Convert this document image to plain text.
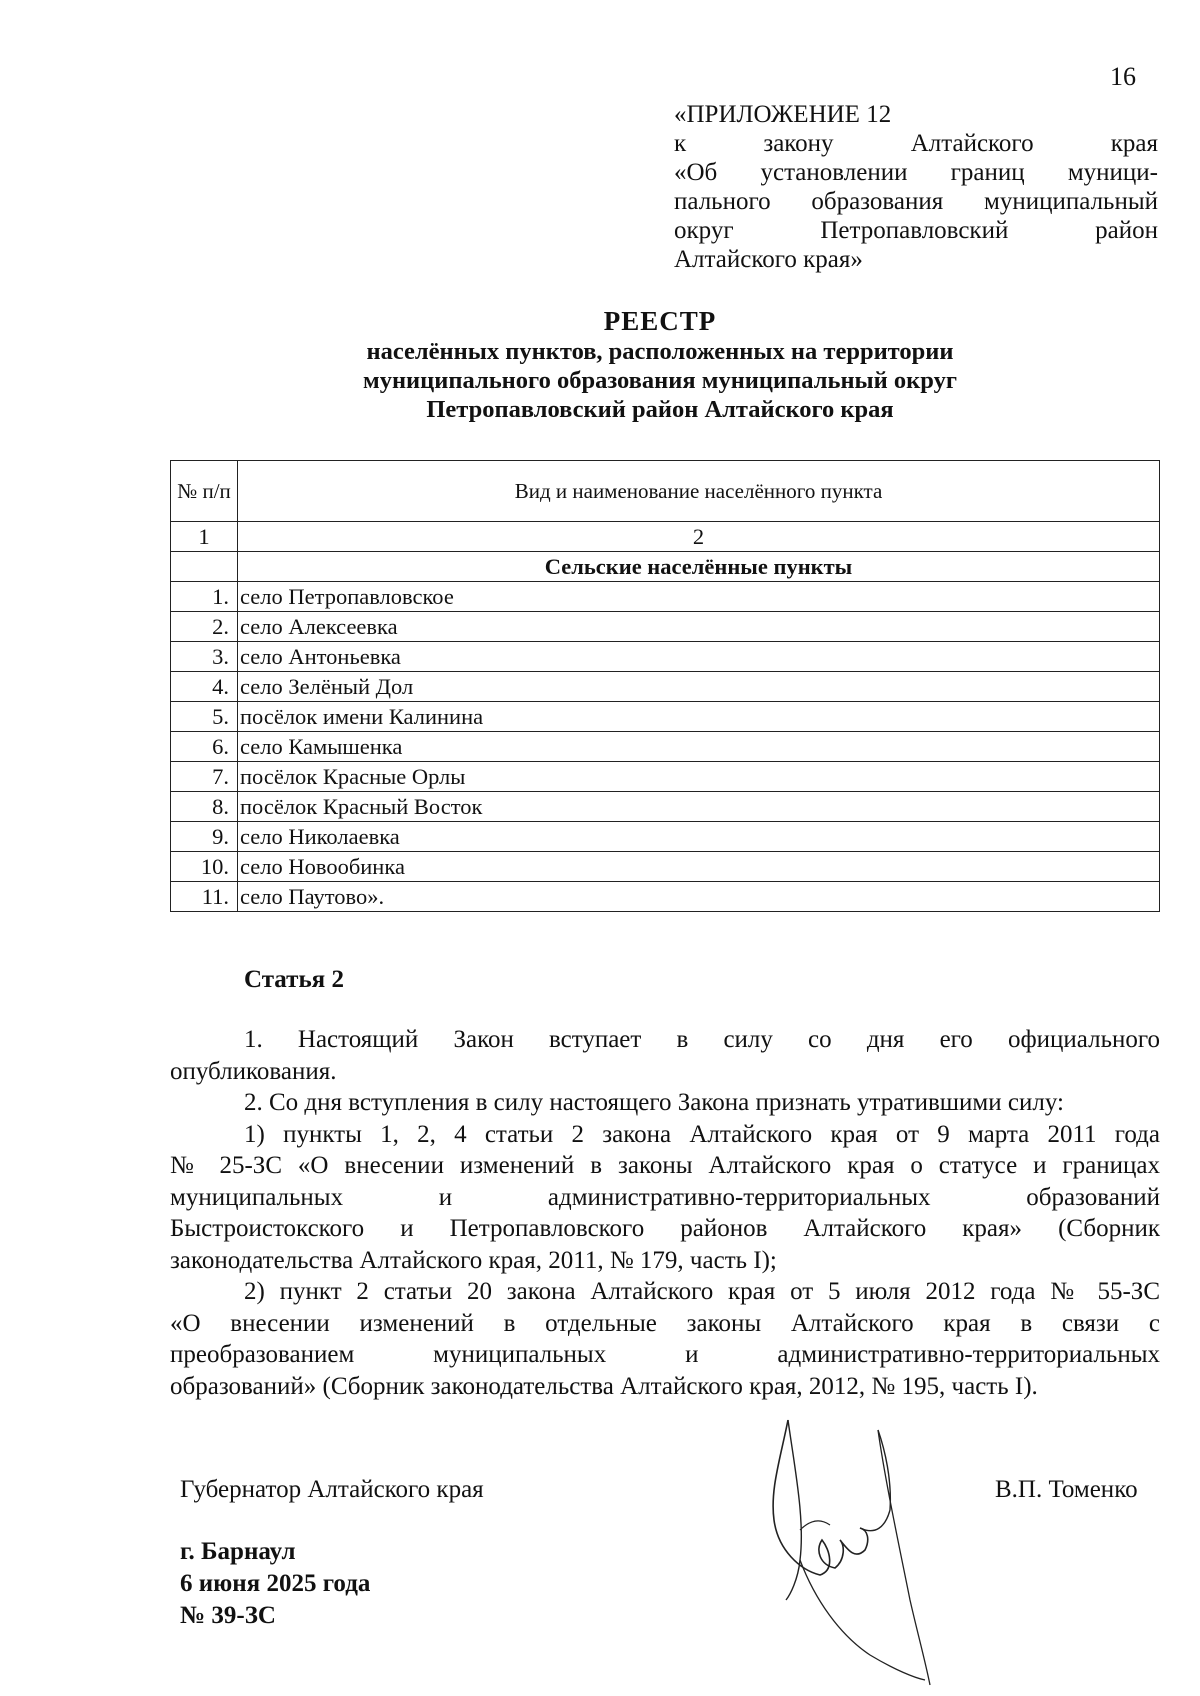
16
«ПРИЛОЖЕНИЕ 12
к закону Алтайского края
«Об установлении границ муници-
пального образования муниципальный
округ Петропавловский район
Алтайского края»
РЕЕСТР
населённых пунктов, расположенных на территории
муниципального образования муниципальный округ
Петропавловский район Алтайского края
№ п/п	Вид и наименование населённого пункта
1	2
	Сельские населённые пункты
1.	село Петропавловское
2.	село Алексеевка
3.	село Антоньевка
4.	село Зелёный Дол
5.	посёлок имени Калинина
6.	село Камышенка
7.	посёлок Красные Орлы
8.	посёлок Красный Восток
9.	село Николаевка
10.	село Новообинка
11.	село Паутово».
Статья 2

1. Настоящий Закон вступает в силу со дня его официального

опубликования.

2. Со дня вступления в силу настоящего Закона признать утратившими силу:

1) пункты 1, 2, 4 статьи 2 закона Алтайского края от 9 марта 2011 года

№ 25-ЗС «О внесении изменений в законы Алтайского края о статусе и границах

муниципальных и административно-территориальных образований

Быстроистокского и Петропавловского районов Алтайского края» (Сборник

законодательства Алтайского края, 2011, № 179, часть I);

2) пункт 2 статьи 20 закона Алтайского края от 5 июля 2012 года № 55-ЗС

«О внесении изменений в отдельные законы Алтайского края в связи с

преобразованием муниципальных и административно-территориальных

образований» (Сборник законодательства Алтайского края, 2012, № 195, часть I).

Губернатор Алтайского края	В.П. Томенко
г. Барнаул
6 июня 2025 года
№ 39-ЗС
